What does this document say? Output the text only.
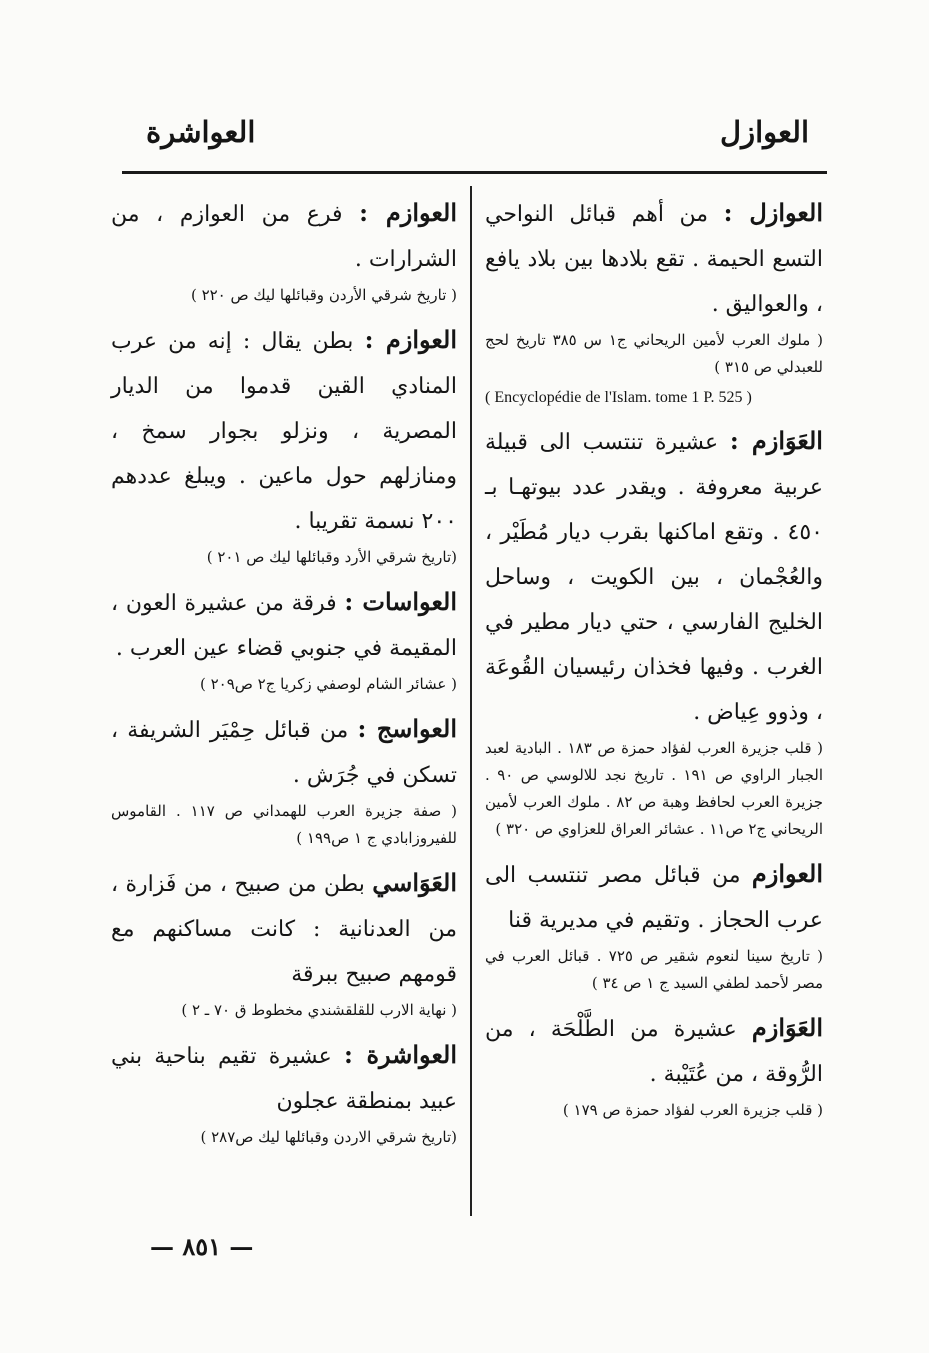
العوازل
العواشرة

العوازل : من أهم قبائل النواحي التسع الحيمة . تقع بلادها بين بلاد يافع ، والعواليق .

( ملوك العرب لأمين الريحاني ج١ س ٣٨٥ تاريخ لحج للعبدلي ص ٣١٥ )

( Encyclopédie de l'Islam. tome 1 P. 525 )

العَوَازم : عشيرة تنتسب الى قبيلة عربية معروفة . ويقدر عدد بيوتهـا بـ ٤٥٠ . وتقع اماكنها بقرب ديار مُطَيْر ، والعُجْمان ، بين الكويت ، وساحل الخليج الفارسي ، حتي ديار مطير في الغرب . وفيها فخذان رئيسيان القُوعَة ، وذوو عِياض .

( قلب جزيرة العرب لفؤاد حمزة ص ١٨٣ . البادية لعبد الجبار الراوي ص ١٩١ . تاريخ نجد للالوسي ص ٩٠ . جزيرة العرب لحافظ وهبة ص ٨٢ . ملوك العرب لأمين الريحاني ج٢ ص١١ . عشائر العراق للعزاوي ص ٣٢٠ )

العوازم من قبائل مصر تنتسب الى عرب الحجاز . وتقيم في مديرية قنا

( تاريخ سينا لنعوم شقير ص ٧٢٥ . قبائل العرب في مصر لأحمد لطفي السيد ج ١ ص ٣٤ )

العَوَازم عشيرة من الطَّلْحَة ، من الرُّوقة ، من عُتَيْبة .

( قلب جزيرة العرب لفؤاد حمزة ص ١٧٩ )

العوازم : فرع من العوازم ، من الشرارات .

( تاريخ شرقي الأردن وقبائلها ليك ص ٢٢٠ )

العوازم : بطن يقال : إنه من عرب المنادي القين قدموا من الديار المصرية ، ونزلو بجوار سمخ ، ومنازلهم حول ماعين . ويبلغ عددهم ٢٠٠ نسمة تقريبا .

(تاريخ شرقي الأرد وقبائلها ليك ص ٢٠١ )

العواسات : فرقة من عشيرة العون ، المقيمة في جنوبي قضاء عين العرب .

( عشائر الشام لوصفي زكريا ج٢ ص٢٠٩ )

العواسج : من قبائل حِمْيَر الشريفة ، تسكن في جُرَش .

( صفة جزيرة العرب للهمداني ص ١١٧ . القاموس للفيروزابادي ج ١ ص١٩٩ )

العَوَاسي بطن من صبيح ، من فَزارة ، من العدنانية : كانت مساكنهم مع قومهم صبيح ببرقة

( نهاية الارب للقلقشندي مخطوط ق ٧٠ ـ ٢ )

العواشرة : عشيرة تقيم بناحية بني عبيد بمنطقة عجلون

(تاريخ شرقي الاردن وقبائلها ليك ص٢٨٧ )

— ٨٥١ —
